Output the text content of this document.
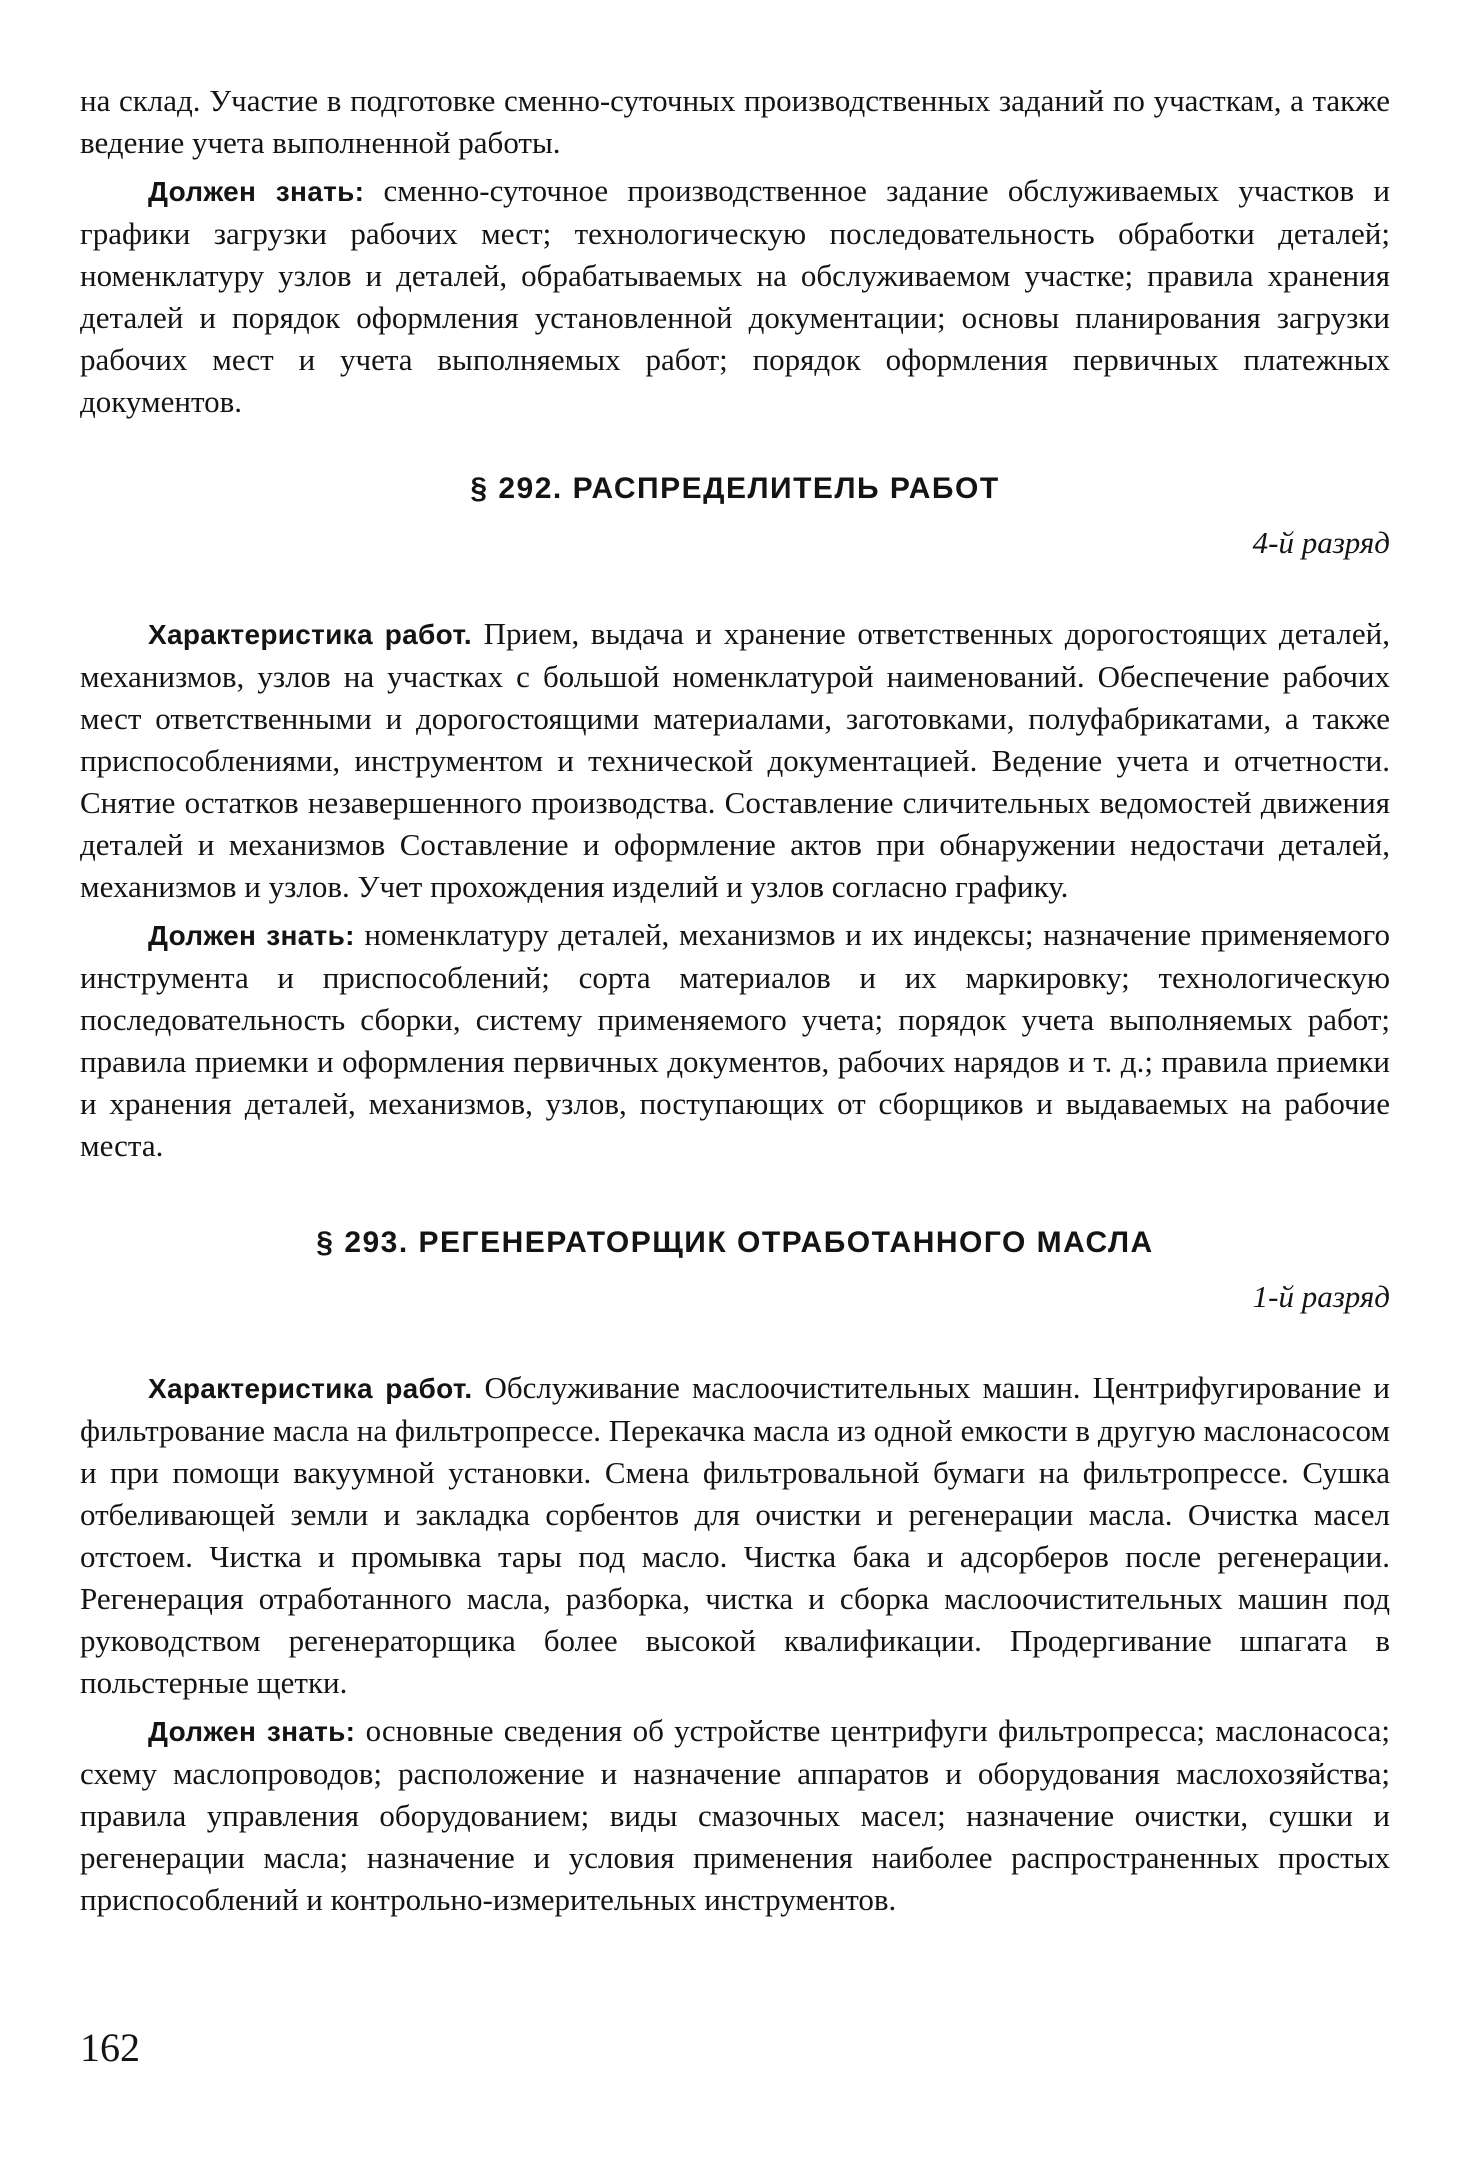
на склад. Участие в подготовке сменно-суточных производственных заданий по участкам, а также ведение учета выполненной работы.

Должен знать: сменно-суточное производственное задание обслуживаемых участков и графики загрузки рабочих мест; технологическую последовательность обработки деталей; номенклатуру узлов и деталей, обрабатываемых на обслуживаемом участке; правила хранения деталей и порядок оформления установленной документации; основы планирования загрузки рабочих мест и учета выполняемых работ; порядок оформления первичных платежных документов.

§ 292. РАСПРЕДЕЛИТЕЛЬ РАБОТ
4-й разряд

Характеристика работ. Прием, выдача и хранение ответственных дорогостоящих деталей, механизмов, узлов на участках с большой номенклатурой наименований. Обеспечение рабочих мест ответственными и дорогостоящими материалами, заготовками, полуфабрикатами, а также приспособлениями, инструментом и технической документацией. Ведение учета и отчетности. Снятие остатков незавершенного производства. Составление сличительных ведомостей движения деталей и механизмов Составление и оформление актов при обнаружении недостачи деталей, механизмов и узлов. Учет прохождения изделий и узлов согласно графику.

Должен знать: номенклатуру деталей, механизмов и их индексы; назначение применяемого инструмента и приспособлений; сорта материалов и их маркировку; технологическую последовательность сборки, систему применяемого учета; порядок учета выполняемых работ; правила приемки и оформления первичных документов, рабочих нарядов и т. д.; правила приемки и хранения деталей, механизмов, узлов, поступающих от сборщиков и выдаваемых на рабочие места.

§ 293. РЕГЕНЕРАТОРЩИК ОТРАБОТАННОГО МАСЛА
1-й разряд

Характеристика работ. Обслуживание маслоочистительных машин. Центрифугирование и фильтрование масла на фильтропрессе. Перекачка масла из одной емкости в другую маслонасосом и при помощи вакуумной установки. Смена фильтровальной бумаги на фильтропрессе. Сушка отбеливающей земли и закладка сорбентов для очистки и регенерации масла. Очистка масел отстоем. Чистка и промывка тары под масло. Чистка бака и адсорберов после регенерации. Регенерация отработанного масла, разборка, чистка и сборка маслоочистительных машин под руководством регенераторщика более высокой квалификации. Продергивание шпагата в польстерные щетки.

Должен знать: основные сведения об устройстве центрифуги фильтропресса; маслонасоса; схему маслопроводов; расположение и назначение аппаратов и оборудования маслохозяйства; правила управления оборудованием; виды смазочных масел; назначение очистки, сушки и регенерации масла; назначение и условия применения наиболее распространенных простых приспособлений и контрольно-измерительных инструментов.

162
